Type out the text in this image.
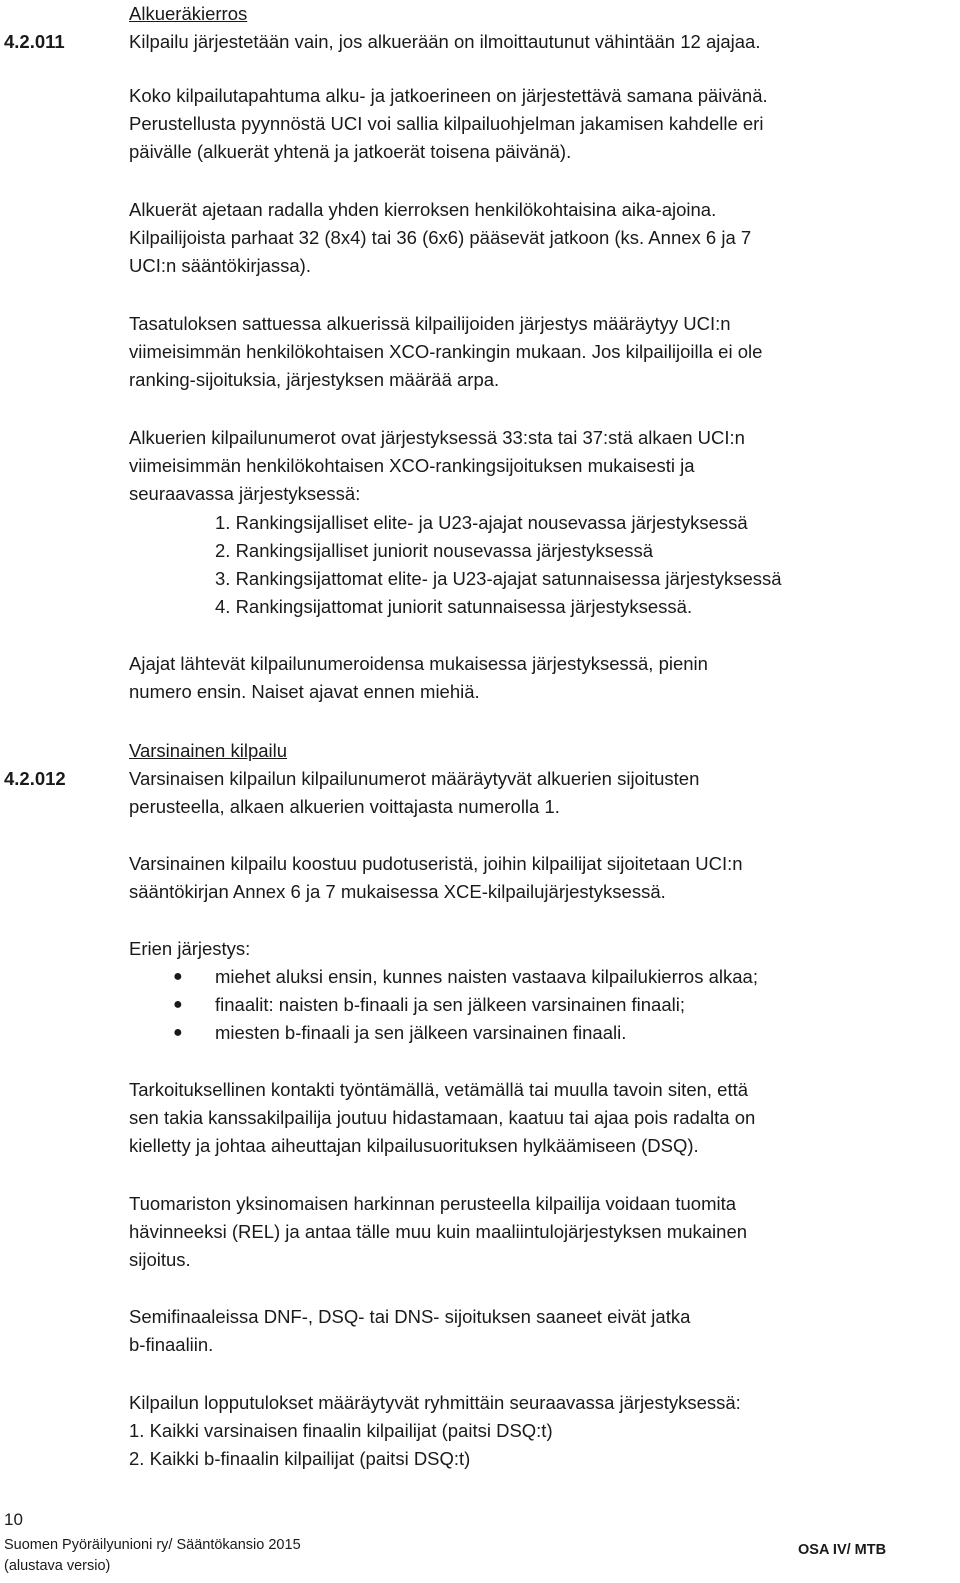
Alkueräkierros
4.2.011	Kilpailu järjestetään vain, jos alkuerään on ilmoittautunut vähintään 12 ajajaa.

Koko kilpailutapahtuma alku- ja jatkoerineen on järjestettävä samana päivänä.
Perustellusta pyynnöstä UCI voi sallia kilpailuohjelman jakamisen kahdelle eri
päivälle (alkuerät yhtenä ja jatkoerät toisena päivänä).

Alkuerät ajetaan radalla yhden kierroksen henkilökohtaisina aika-ajoina.
Kilpailijoista parhaat 32 (8x4) tai 36 (6x6) pääsevät jatkoon (ks. Annex 6 ja 7
UCI:n sääntökirjassa).

Tasatuloksen sattuessa alkuerissä kilpailijoiden järjestys määräytyy UCI:n
viimeisimmän henkilökohtaisen XCO-rankingin mukaan. Jos kilpailijoilla ei ole
ranking-sijoituksia, järjestyksen määrää arpa.

Alkuerien kilpailunumerot ovat järjestyksessä 33:sta tai 37:stä alkaen UCI:n
viimeisimmän henkilökohtaisen XCO-rankingsijoituksen mukaisesti ja
seuraavassa järjestyksessä:

1. Rankingsijalliset elite- ja U23-ajajat nousevassa järjestyksessä
2. Rankingsijalliset juniorit nousevassa järjestyksessä
3. Rankingsijattomat elite- ja U23-ajajat satunnaisessa järjestyksessä
4. Rankingsijattomat juniorit satunnaisessa järjestyksessä.

Ajajat lähtevät kilpailunumeroidensa mukaisessa järjestyksessä, pienin
numero ensin. Naiset ajavat ennen miehiä.

Varsinainen kilpailu
4.2.012	Varsinaisen kilpailun kilpailunumerot määräytyvät alkuerien sijoitusten
perusteella, alkaen alkuerien voittajasta numerolla 1.

Varsinainen kilpailu koostuu pudotuseristä, joihin kilpailijat sijoitetaan UCI:n
sääntökirjan Annex 6 ja 7 mukaisessa XCE-kilpailujärjestyksessä.

Erien järjestys:

●	miehet aluksi ensin, kunnes naisten vastaava kilpailukierros alkaa;
●	finaalit: naisten b-finaali ja sen jälkeen varsinainen finaali;
●	miesten b-finaali ja sen jälkeen varsinainen finaali.

Tarkoituksellinen kontakti työntämällä, vetämällä tai muulla tavoin siten, että
sen takia kanssakilpailija joutuu hidastamaan, kaatuu tai ajaa pois radalta on
kielletty ja johtaa aiheuttajan kilpailusuorituksen hylkäämiseen (DSQ).

Tuomariston yksinomaisen harkinnan perusteella kilpailija voidaan tuomita
hävinneeksi (REL) ja antaa tälle muu kuin maaliintulojärjestyksen mukainen
sijoitus.

Semifinaaleissa DNF-, DSQ- tai DNS- sijoituksen saaneet eivät jatka
b-finaaliin.

Kilpailun lopputulokset määräytyvät ryhmittäin seuraavassa järjestyksessä:
1. Kaikki varsinaisen finaalin kilpailijat (paitsi DSQ:t)
2. Kaikki b-finaalin kilpailijat (paitsi DSQ:t)

10
Suomen Pyöräilyunioni ry/ Sääntökansio 2015
(alustava versio)
OSA IV/ MTB
